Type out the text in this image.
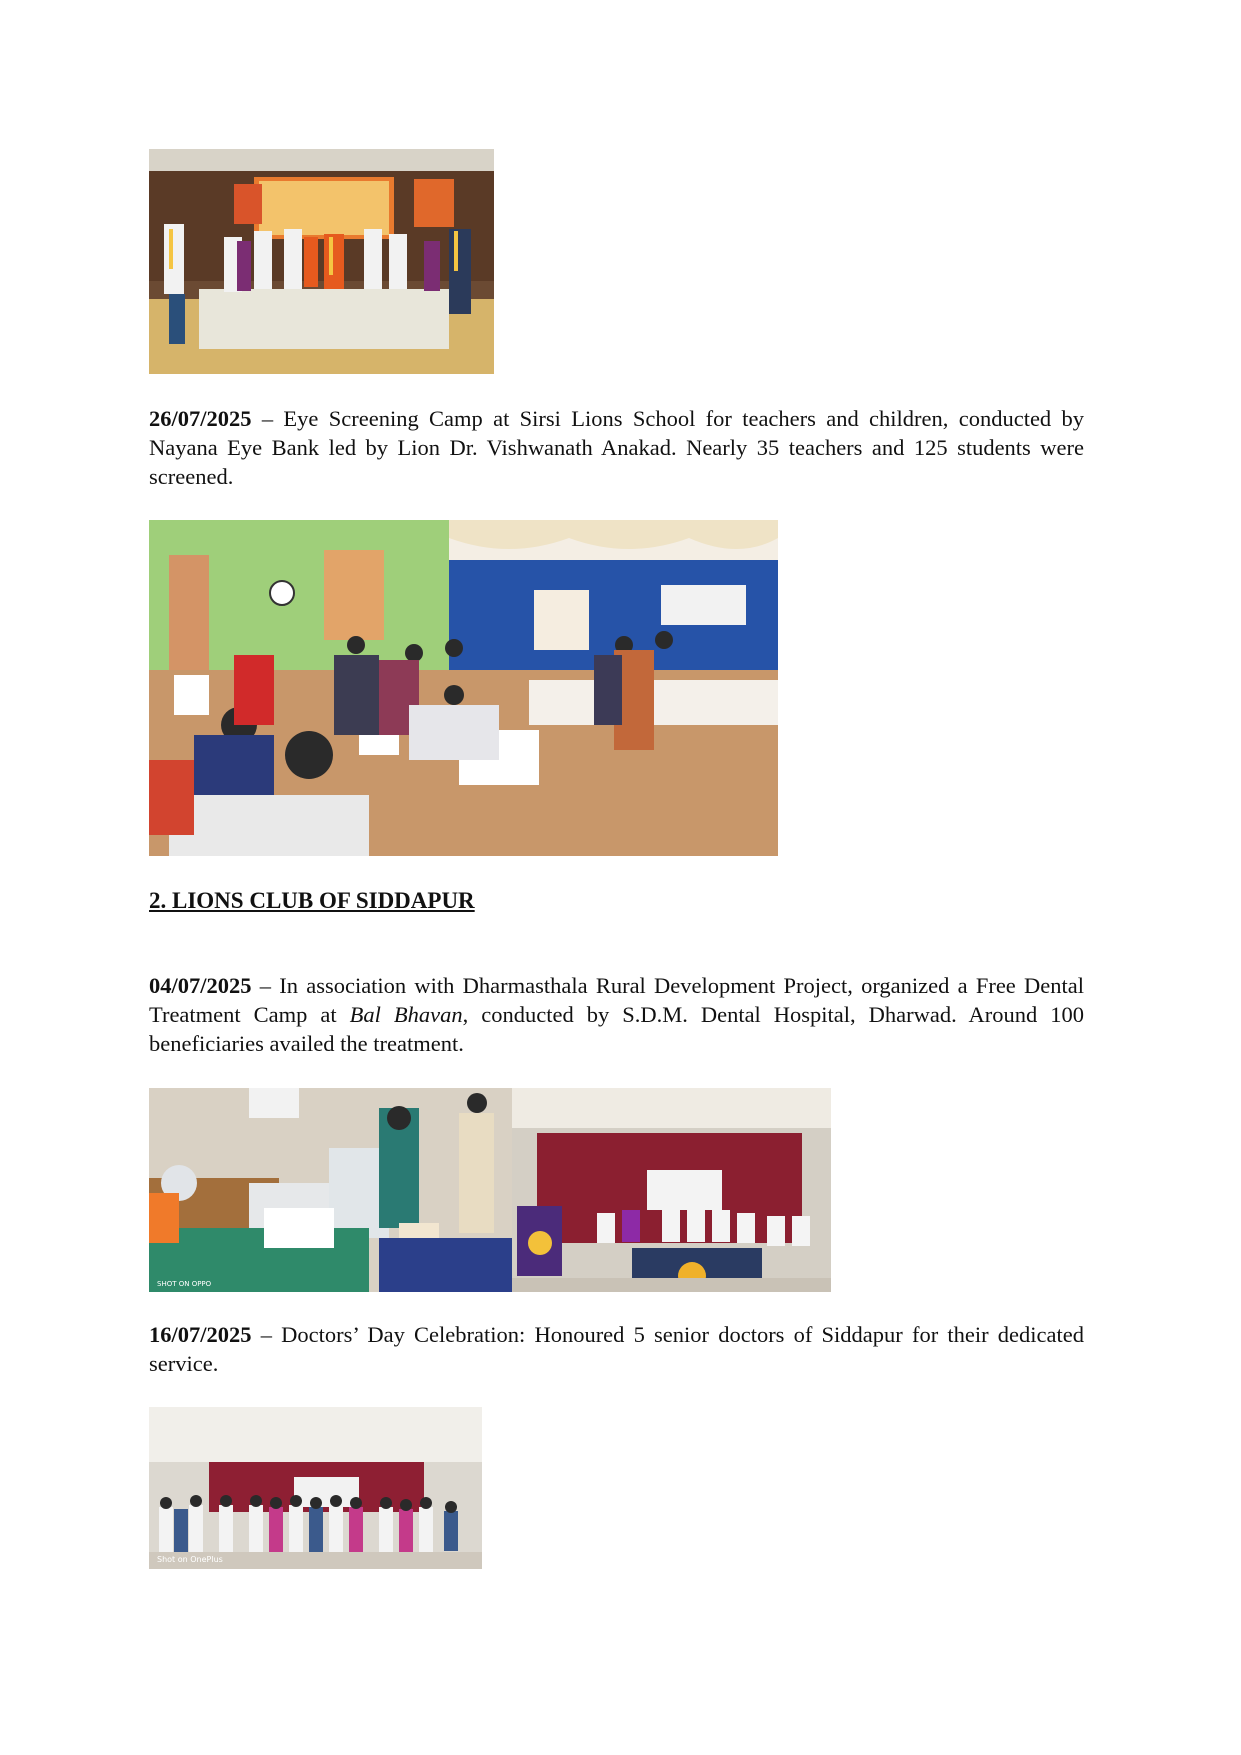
26/07/2025 – Eye Screening Camp at Sirsi Lions School for teachers and children, conducted by Nayana Eye Bank led by Lion Dr. Vishwanath Anakad. Nearly 35 teachers and 125 students were screened.

2. LIONS CLUB OF SIDDAPUR

04/07/2025 – In association with Dharmasthala Rural Development Project, organized a Free Dental Treatment Camp at Bal Bhavan, conducted by S.D.M. Dental Hospital, Dharwad. Around 100 beneficiaries availed the treatment.

SHOT ON OPPO

16/07/2025 – Doctors’ Day Celebration: Honoured 5 senior doctors of Siddapur for their dedicated service.

Shot on OnePlus
